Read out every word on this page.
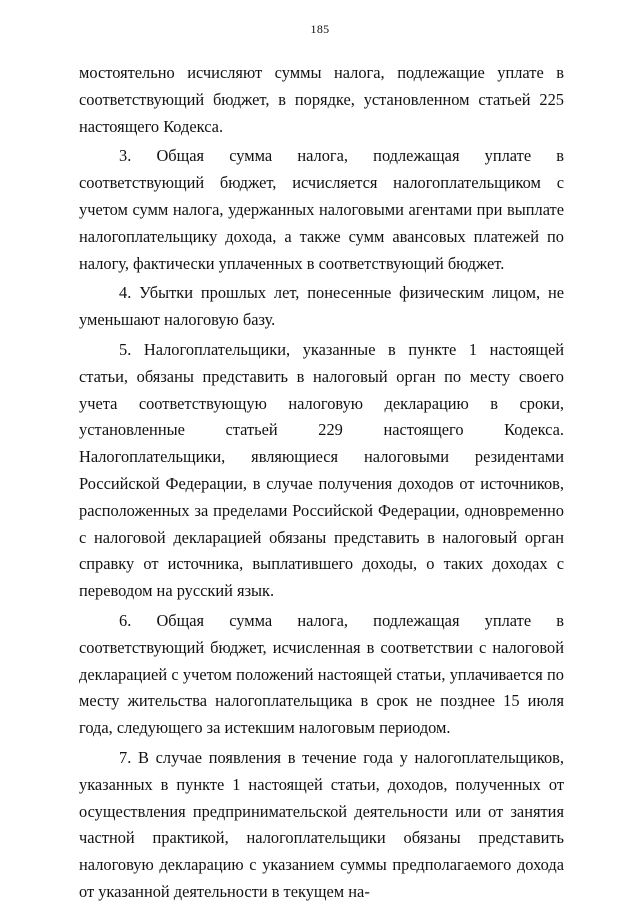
185

мостоятельно исчисляют суммы налога, подлежащие уплате в соответствующий бюджет, в порядке, установленном статьей 225 настоящего Кодекса.

3. Общая сумма налога, подлежащая уплате в соответствующий бюджет, исчисляется налогоплательщиком с учетом сумм налога, удержанных налоговыми агентами при выплате налогоплательщику дохода, а также сумм авансовых платежей по налогу, фактически уплаченных в соответствующий бюджет.

4. Убытки прошлых лет, понесенные физическим лицом, не уменьшают налоговую базу.

5. Налогоплательщики, указанные в пункте 1 настоящей статьи, обязаны представить в налоговый орган по месту своего учета соответствующую налоговую декларацию в сроки, установленные статьей 229 настоящего Кодекса. Налогоплательщики, являющиеся налоговыми резидентами Российской Федерации, в случае получения доходов от источников, расположенных за пределами Российской Федерации, одновременно с налоговой декларацией обязаны представить в налоговый орган справку от источника, выплатившего доходы, о таких доходах с переводом на русский язык.

6. Общая сумма налога, подлежащая уплате в соответствующий бюджет, исчисленная в соответствии с налоговой декларацией с учетом положений настоящей статьи, уплачивается по месту жительства налогоплательщика в срок не позднее 15 июля года, следующего за истекшим налоговым периодом.

7. В случае появления в течение года у налогоплательщиков, указанных в пункте 1 настоящей статьи, доходов, полученных от осуществления предпринимательской деятельности или от занятия частной практикой, налогоплательщики обязаны представить налоговую декларацию с указанием суммы предполагаемого дохода от указанной деятельности в текущем на-
